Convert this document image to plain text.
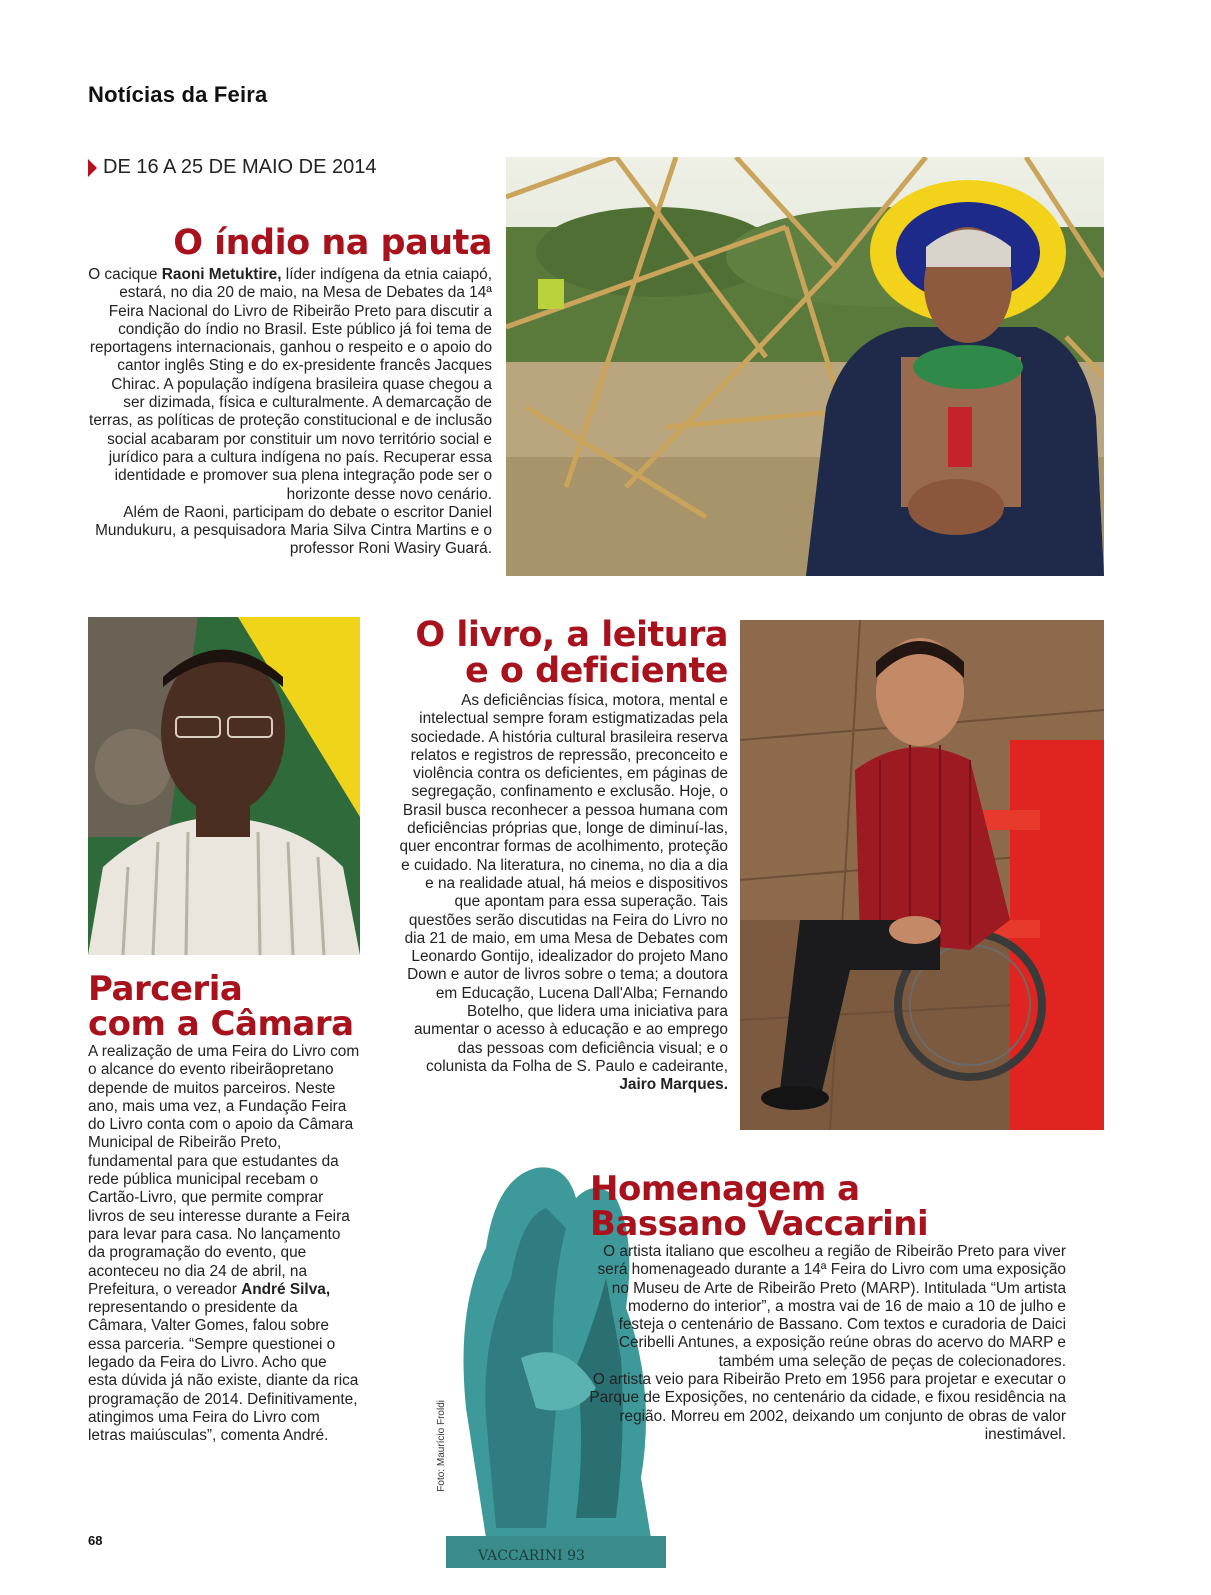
Notícias da Feira
DE 16 A 25 DE MAIO DE 2014
O índio na pauta

O cacique Raoni Metuktire, líder indígena da etnia caiapó, estará, no dia 20 de maio, na Mesa de Debates da 14ª Feira Nacional do Livro de Ribeirão Preto para discutir a condição do índio no Brasil. Este público já foi tema de reportagens internacionais, ganhou o respeito e o apoio do cantor inglês Sting e do ex-presidente francês Jacques Chirac. A população indígena brasileira quase chegou a ser dizimada, física e culturalmente. A demarcação de terras, as políticas de proteção constitucional e de inclusão social acabaram por constituir um novo território social e jurídico para a cultura indígena no país. Recuperar essa identidade e promover sua plena integração pode ser o horizonte desse novo cenário.

Além de Raoni, participam do debate o escritor Daniel Mundukuru, a pesquisadora Maria Silva Cintra Martins e o professor Roni Wasiry Guará.

Parceria
com a Câmara

A realização de uma Feira do Livro com o alcance do evento ribeirãopretano depende de muitos parceiros. Neste ano, mais uma vez, a Fundação Feira do Livro conta com o apoio da Câmara Municipal de Ribeirão Preto, fundamental para que estudantes da rede pública municipal recebam o Cartão-Livro, que permite comprar livros de seu interesse durante a Feira para levar para casa. No lançamento da programação do evento, que aconteceu no dia 24 de abril, na Prefeitura, o vereador André Silva, representando o presidente da Câmara, Valter Gomes, falou sobre essa parceria. “Sempre questionei o legado da Feira do Livro. Acho que esta dúvida já não existe, diante da rica programação de 2014. Definitivamente, atingimos uma Feira do Livro com letras maiúsculas”, comenta André.

O livro, a leitura
e o deficiente

As deficiências física, motora, mental e intelectual sempre foram estigmatizadas pela sociedade. A história cultural brasileira reserva relatos e registros de repressão, preconceito e violência contra os deficientes, em páginas de segregação, confinamento e exclusão. Hoje, o Brasil busca reconhecer a pessoa humana com deficiências próprias que, longe de diminuí-las, quer encontrar formas de acolhimento, proteção e cuidado. Na literatura, no cinema, no dia a dia e na realidade atual, há meios e dispositivos que apontam para essa superação. Tais questões serão discutidas na Feira do Livro no dia 21 de maio, em uma Mesa de Debates com Leonardo Gontijo, idealizador do projeto Mano Down e autor de livros sobre o tema; a doutora em Educação, Lucena Dall'Alba; Fernando Botelho, que lidera uma iniciativa para aumentar o acesso à educação e ao emprego das pessoas com deficiência visual; e o colunista da Folha de S. Paulo e cadeirante, Jairo Marques.

VACCARINI 93
Foto: Maurício Froldi
Homenagem a
Bassano Vaccarini

O artista italiano que escolheu a região de Ribeirão Preto para viver será homenageado durante a 14ª Feira do Livro com uma exposição no Museu de Arte de Ribeirão Preto (MARP). Intitulada “Um artista moderno do interior”, a mostra vai de 16 de maio a 10 de julho e festeja o centenário de Bassano. Com textos e curadoria de Daici Ceribelli Antunes, a exposição reúne obras do acervo do MARP e também uma seleção de peças de colecionadores.

O artista veio para Ribeirão Preto em 1956 para projetar e executar o Parque de Exposições, no centenário da cidade, e fixou residência na região. Morreu em 2002, deixando um conjunto de obras de valor inestimável.

68
